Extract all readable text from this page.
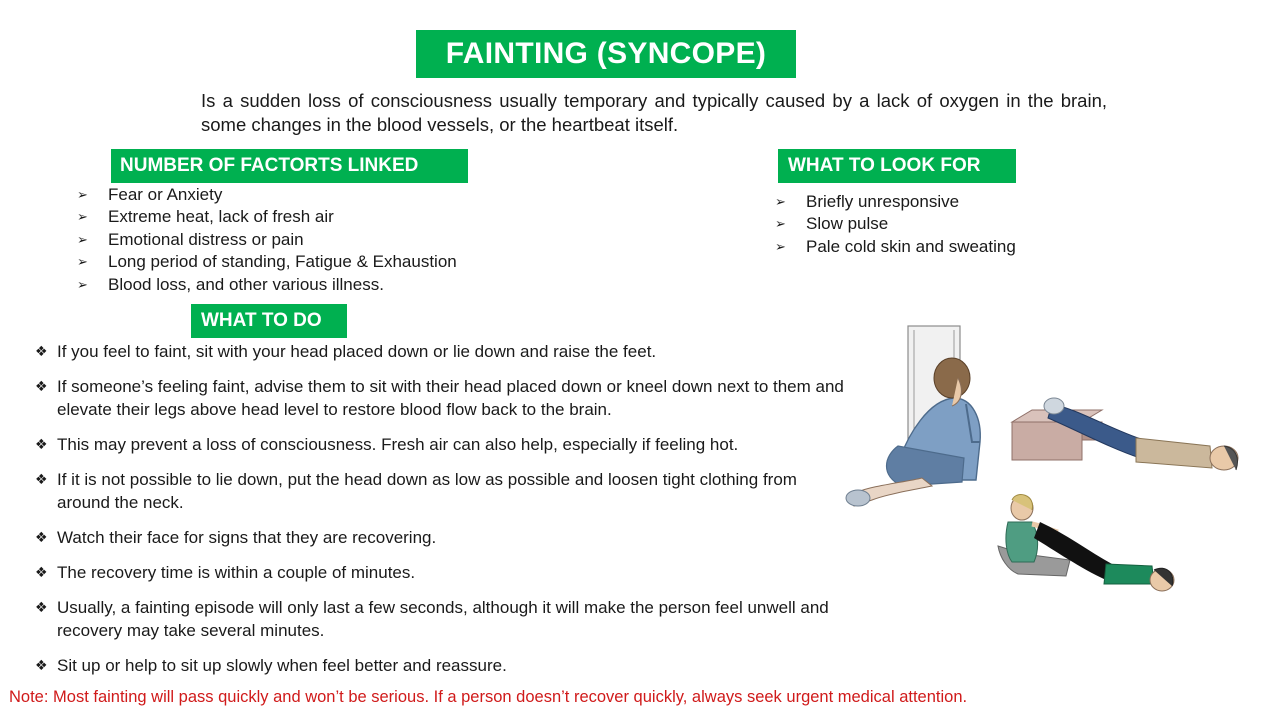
FAINTING (SYNCOPE)
Is a sudden loss of consciousness usually temporary and typically caused by a lack of oxygen in the brain, some changes in the blood vessels, or the heartbeat itself.
NUMBER OF FACTORTS LINKED
➢ Fear or Anxiety
➢ Extreme heat, lack of fresh air
➢ Emotional distress or pain
➢ Long period of standing, Fatigue & Exhaustion
➢ Blood loss, and other various illness.
WHAT TO LOOK FOR
➢ Briefly unresponsive
➢ Slow pulse
➢ Pale cold skin and sweating
WHAT TO DO
❖ If you feel to faint, sit with your head placed down or lie down and raise the feet.
❖ If someone’s feeling faint, advise them to sit with their head placed down or kneel down next to them and elevate their legs above head level to restore blood flow back to the brain.
❖ This may prevent a loss of consciousness. Fresh air can also help, especially if feeling hot.
❖ If it is not possible to lie down, put the head down as low as possible and loosen tight clothing from around the neck.
❖ Watch their face for signs that they are recovering.
❖ The recovery time is within a couple of minutes.
❖ Usually, a fainting episode will only last a few seconds, although it will make the person feel unwell and recovery may take several minutes.
❖ Sit up or help to sit up slowly when feel better and reassure.
Note: Most fainting will pass quickly and won’t be serious. If a person doesn’t recover quickly, always seek urgent medical attention.
